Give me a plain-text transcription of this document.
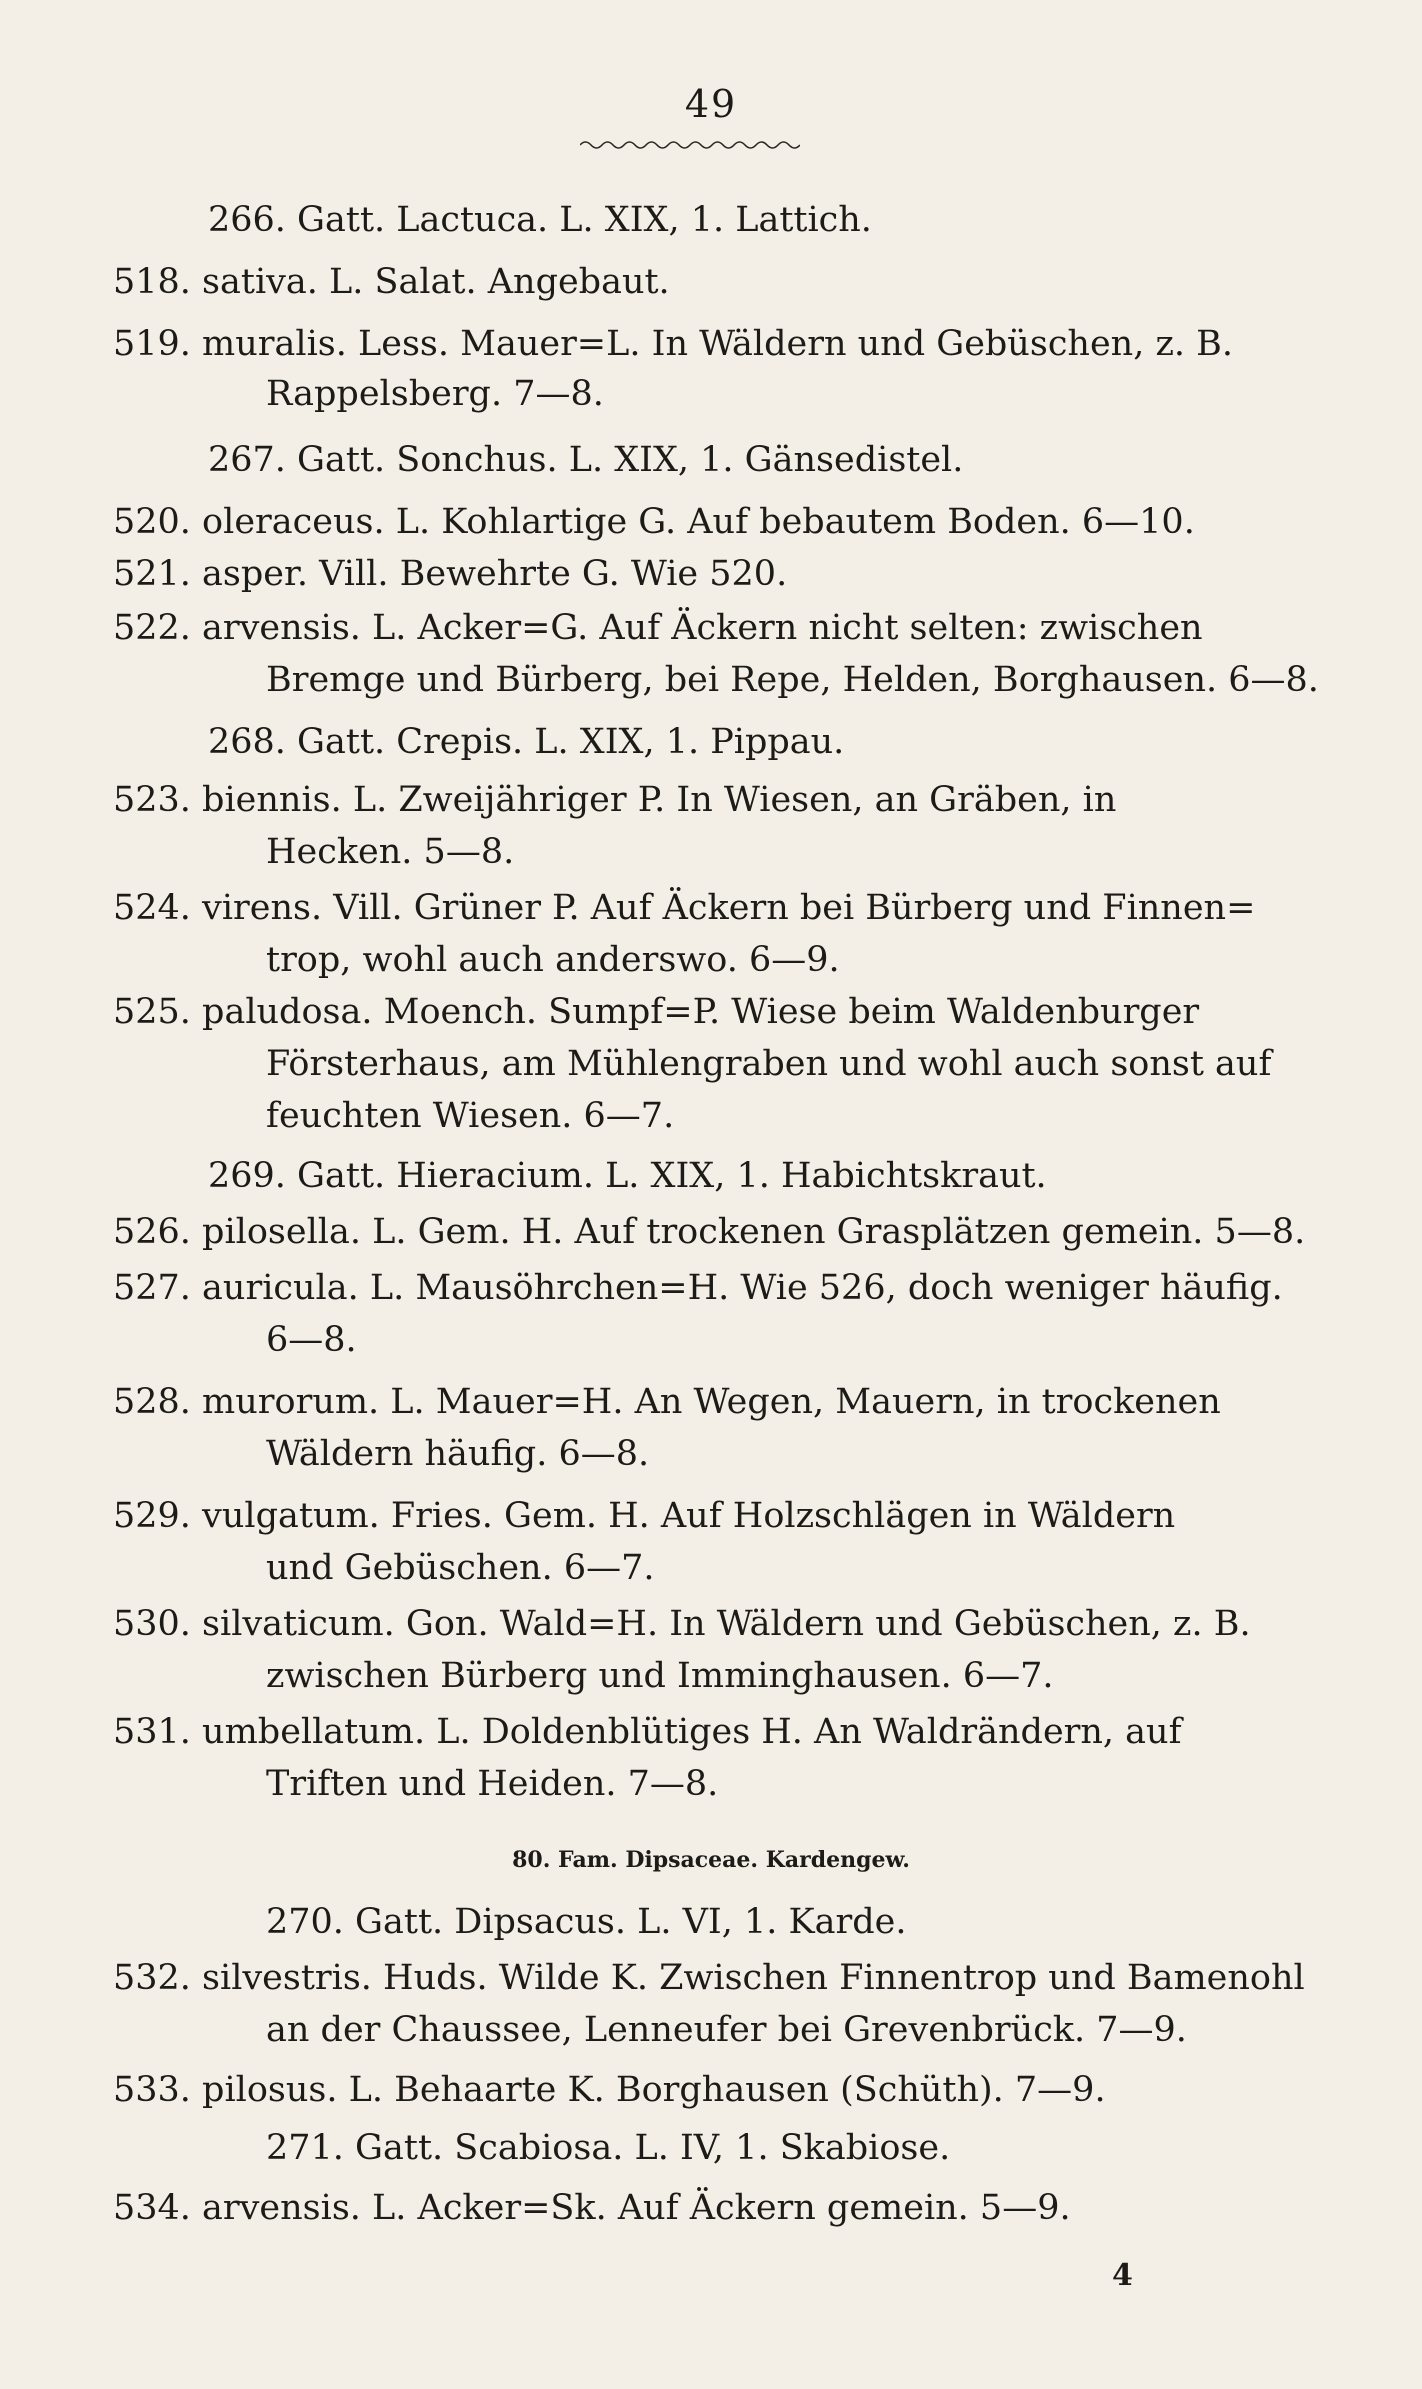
49
266. Gatt. Lactuca. L. XIX, 1. Lattich.
518. sativa. L. Salat. Angebaut.
519. muralis. Less. Mauer=L. In Wäldern und Gebüschen, z. B.
Rappelsberg. 7—8.
267. Gatt. Sonchus. L. XIX, 1. Gänsedistel.
520. oleraceus. L. Kohlartige G. Auf bebautem Boden. 6—10.
521. asper. Vill. Bewehrte G. Wie 520.
522. arvensis. L. Acker=G. Auf Äckern nicht selten: zwischen
Bremge und Bürberg, bei Repe, Helden, Borghausen. 6—8.
268. Gatt. Crepis. L. XIX, 1. Pippau.
523. biennis. L. Zweijähriger P. In Wiesen, an Gräben, in
Hecken. 5—8.
524. virens. Vill. Grüner P. Auf Äckern bei Bürberg und Finnen=
trop, wohl auch anderswo. 6—9.
525. paludosa. Moench. Sumpf=P. Wiese beim Waldenburger
Försterhaus, am Mühlengraben und wohl auch sonst auf
feuchten Wiesen. 6—7.
269. Gatt. Hieracium. L. XIX, 1. Habichtskraut.
526. pilosella. L. Gem. H. Auf trockenen Grasplätzen gemein. 5—8.
527. auricula. L. Mausöhrchen=H. Wie 526, doch weniger häufig.
6—8.
528. murorum. L. Mauer=H. An Wegen, Mauern, in trockenen
Wäldern häufig. 6—8.
529. vulgatum. Fries. Gem. H. Auf Holzschlägen in Wäldern
und Gebüschen. 6—7.
530. silvaticum. Gon. Wald=H. In Wäldern und Gebüschen, z. B.
zwischen Bürberg und Imminghausen. 6—7.
531. umbellatum. L. Doldenblütiges H. An Waldrändern, auf
Triften und Heiden. 7—8.
80. Fam. Dipsaceae. Kardengew.
270. Gatt. Dipsacus. L. VI, 1. Karde.
532. silvestris. Huds. Wilde K. Zwischen Finnentrop und Bamenohl
an der Chaussee, Lenneufer bei Grevenbrück. 7—9.
533. pilosus. L. Behaarte K. Borghausen (Schüth). 7—9.
271. Gatt. Scabiosa. L. IV, 1. Skabiose.
534. arvensis. L. Acker=Sk. Auf Äckern gemein. 5—9.
4
